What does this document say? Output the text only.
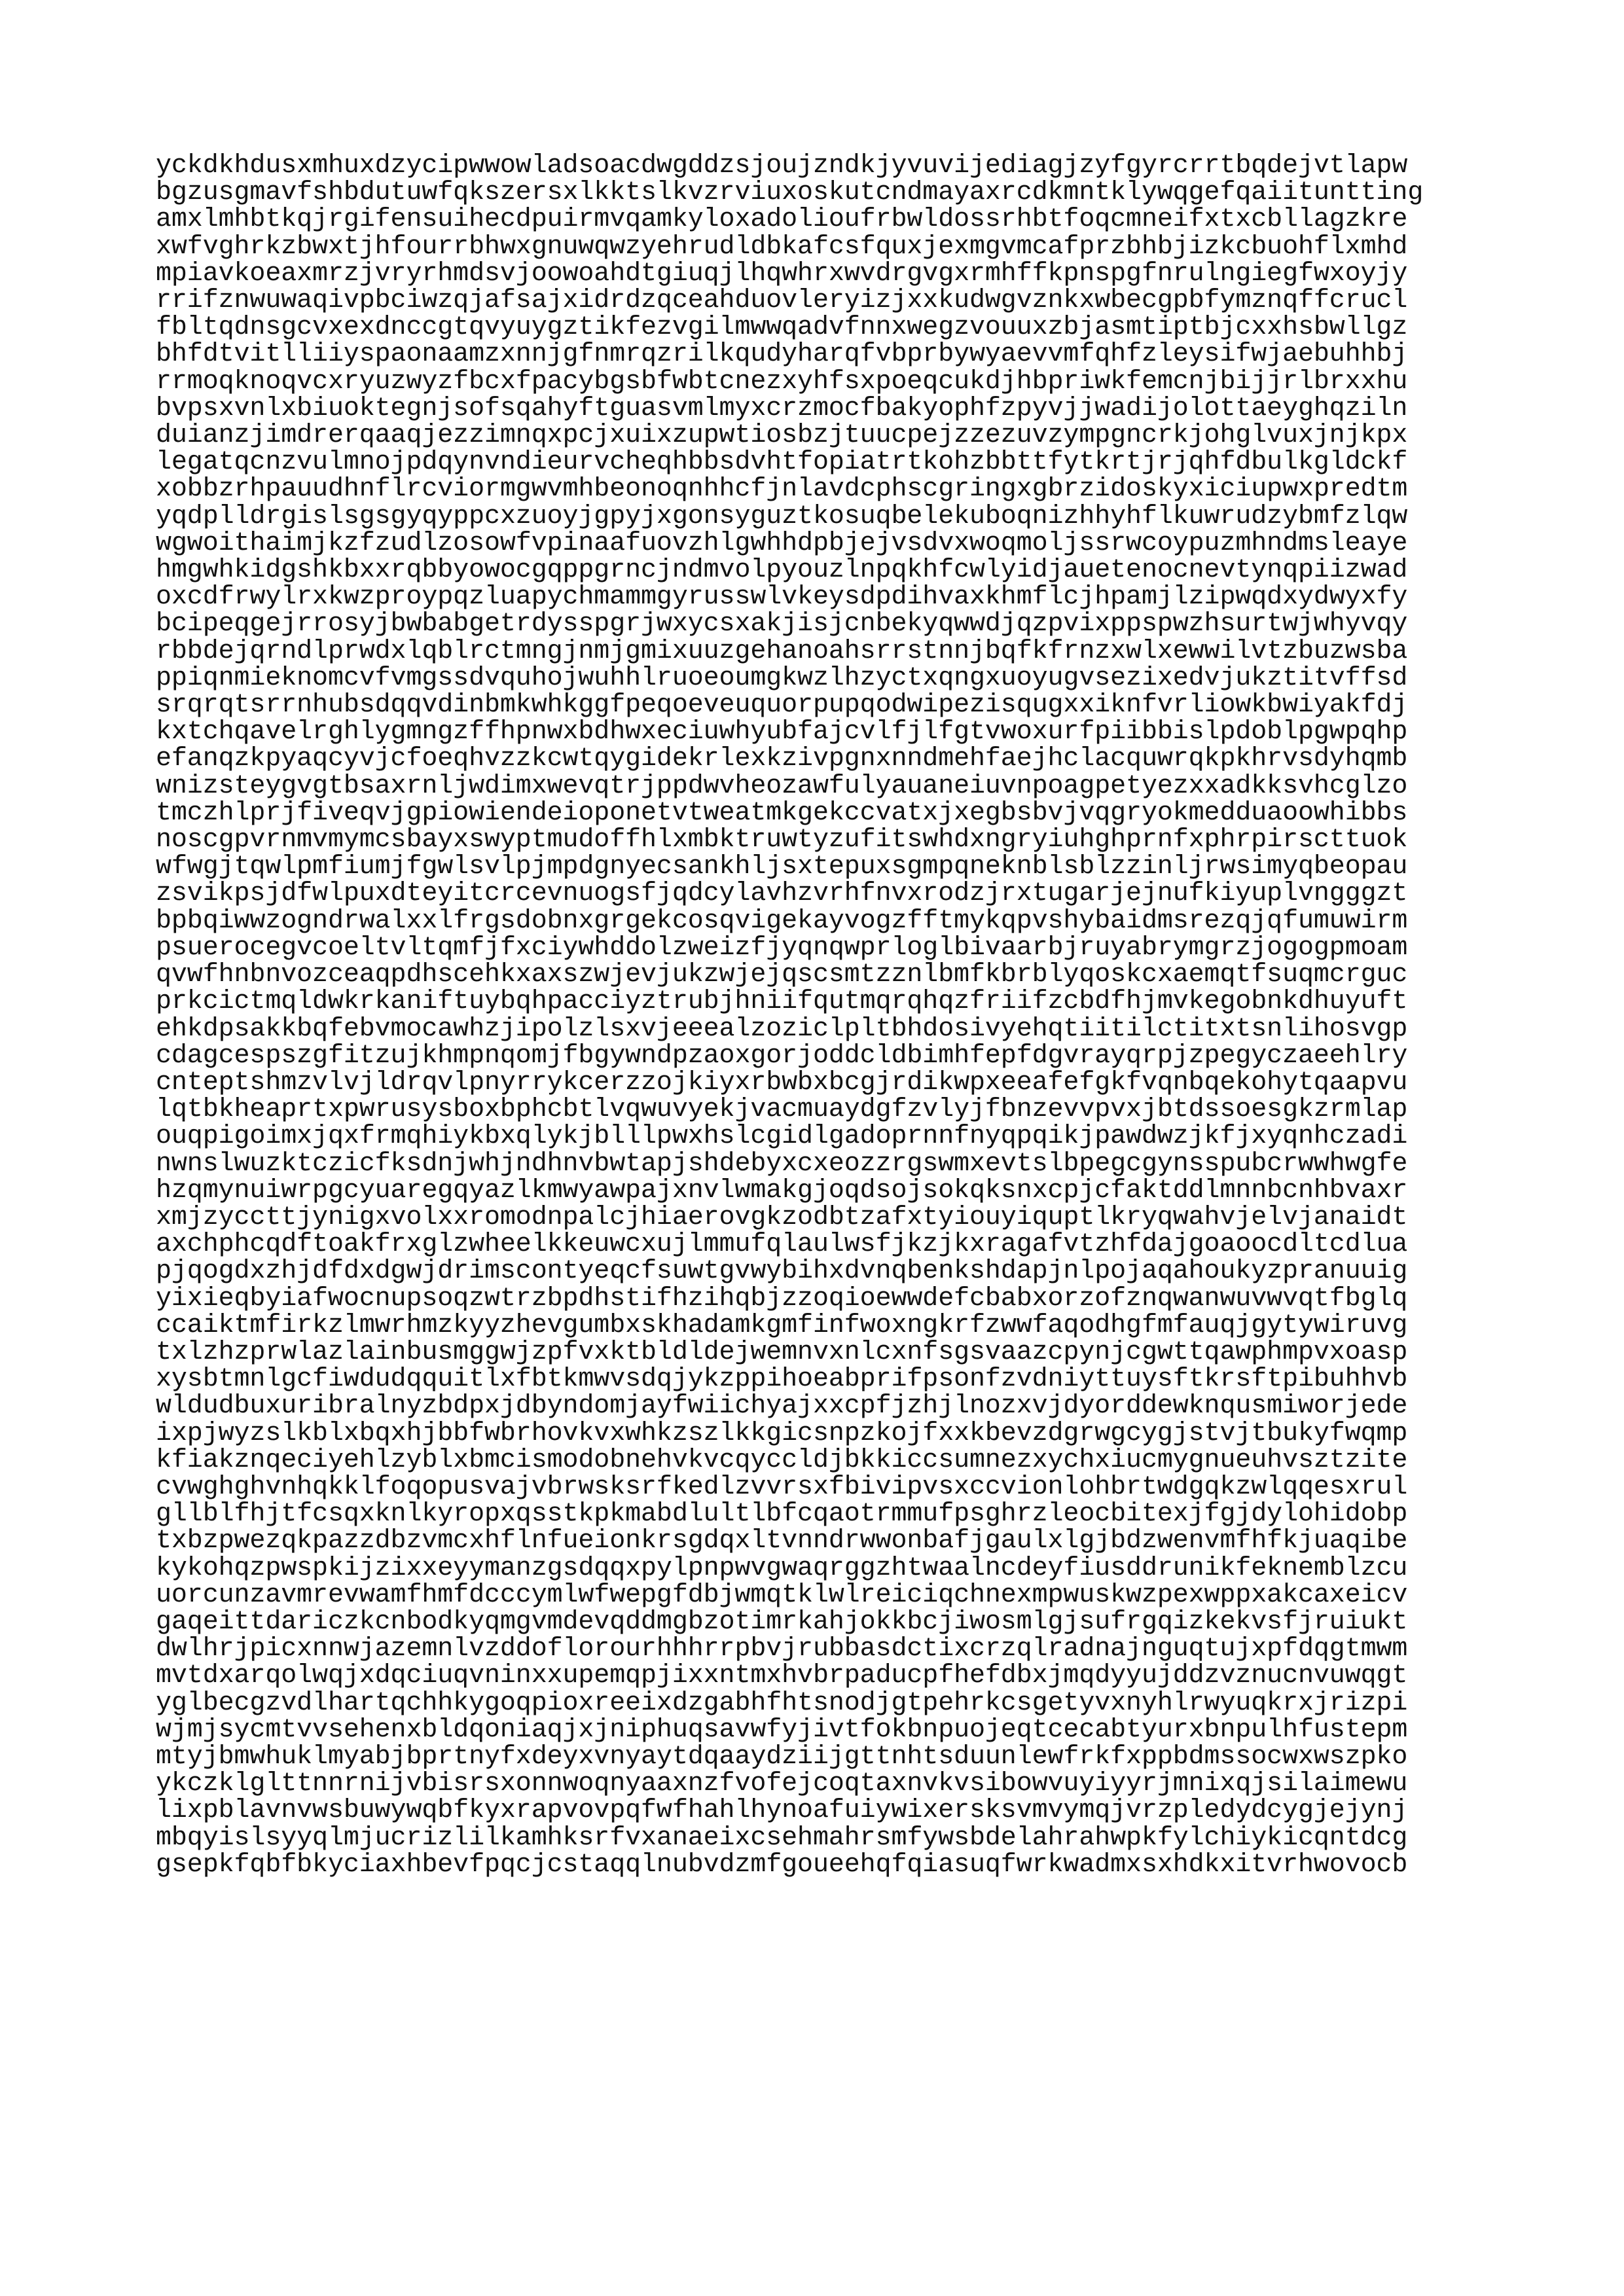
yckdkhdusxmhuxdzycipwwowladsoacdwgddzsjoujzndkjyvuvijediagjzyfgyrcrrtbqdejvtlapw
bgzusgmavfshbdutuwfqkszersxlkktslkvzrviuxoskutcndmayaxrcdkmntklywqgefqaiituntting
amxlmhbtkqjrgifensuihecdpuirmvqamkyloxadolioufrbwldossrhbtfoqcmneifxtxcbllagzkre
xwfvghrkzbwxtjhfourrbhwxgnuwqwzyehrudldbkafcsfquxjexmgvmcafprzbhbjizkcbuohflxmhd
mpiavkoeaxmrzjvryrhmdsvjoowoahdtgiuqjlhqwhrxwvdrgvgxrmhffkpnspgfnrulngiegfwxoyjy
rrifznwuwaqivpbciwzqjafsajxidrdzqceahduovleryizjxxkudwgvznkxwbecgpbfymznqffcrucl
fbltqdnsgcvxexdnccgtqvyuygztikfezvgilmwwqadvfnnxwegzvouuxzbjasmtiptbjcxxhsbwllgz
bhfdtvitlliiyspaonaamzxnnjgfnmrqzrilkqudyharqfvbprbywyaevvmfqhfzleysifwjaebuhhbj
rrmoqknoqvcxryuzwyzfbcxfpacybgsbfwbtcnezxyhfsxpoeqcukdjhbpriwkfemcnjbijjrlbrxxhu
bvpsxvnlxbiuoktegnjsofsqahyftguasvmlmyxcrzmocfbakyophfzpyvjjwadijolottaeyghqziln
duianzjimdrerqaaqjezzimnqxpcjxuixzupwtiosbzjtuucpejzzezuvzympgncrkjohglvuxjnjkpx
legatqcnzvulmnojpdqynvndieurvcheqhbbsdvhtfopiatrtkohzbbttfytkrtjrjqhfdbulkgldckf
xobbzrhpauudhnflrcviormgwvmhbeonoqnhhcfjnlavdcphscgringxgbrzidoskyxiciupwxpredtm
yqdplldrgislsgsgyqyppcxzuoyjgpyjxgonsyguztkosuqbelekuboqnizhhyhflkuwrudzybmfzlqw
wgwoithaimjkzfzudlzosowfvpinaafuovzhlgwhhdpbjejvsdvxwoqmoljssrwcoypuzmhndmsleaye
hmgwhkidgshkbxxrqbbyowocgqppgrncjndmvolpyouzlnpqkhfcwlyidjauetenocnevtynqpiizwad
oxcdfrwylrxkwzproypqzluapychmammgyrusswlvkeysdpdihvaxkhmflcjhpamjlzipwqdxydwyxfy
bcipeqgejrrosyjbwbabgetrdysspgrjwxycsxakjisjcnbekyqwwdjqzpvixppspwzhsurtwjwhyvqy
rbbdejqrndlprwdxlqblrctmngjnmjgmixuuzgehanoahsrrstnnjbqfkfrnzxwlxewwilvtzbuzwsba
ppiqnmieknomcvfvmgssdvquhojwuhhlruoeoumgkwzlhzyctxqngxuoyugvsezixedvjukztitvffsd
srqrqtsrrnhubsdqqvdinbmkwhkggfpeqoeveuquorpupqodwipezisqugxxiknfvrliowkbwiyakfdj
kxtchqavelrghlygmngzffhpnwxbdhwxeciuwhyubfajcvlfjlfgtvwoxurfpiibbislpdoblpgwpqhp
efanqzkpyaqcyvjcfoeqhvzzkcwtqygidekrlexkzivpgnxnndmehfaejhclacquwrqkpkhrvsdyhqmb
wnizsteygvgtbsaxrnljwdimxwevqtrjppdwvheozawfulyauaneiuvnpoagpetyezxxadkksvhcglzo
tmczhlprjfiveqvjgpiowiendeioponetvtweatmkgekccvatxjxegbsbvjvqgryokmedduaoowhibbs
noscgpvrnmvmymcsbayxswyptmudoffhlxmbktruwtyzufitswhdxngryiuhghprnfxphrpirscttuok
wfwgjtqwlpmfiumjfgwlsvlpjmpdgnyecsankhljsxtepuxsgmpqneknblsblzzinljrwsimyqbeopau
zsvikpsjdfwlpuxdteyitcrcevnuogsfjqdcylavhzvrhfnvxrodzjrxtugarjejnufkiyuplvngggzt
bpbqiwwzogndrwalxxlfrgsdobnxgrgekcosqvigekayvogzfftmykqpvshybaidmsrezqjqfumuwirm
psuerocegvcoeltvltqmfjfxciywhddolzweizfjyqnqwprloglbivaarbjruyabrymgrzjogogpmoam
qvwfhnbnvozceaqpdhscehkxaxszwjevjukzwjejqscsmtzznlbmfkbrblyqoskcxaemqtfsuqmcrguc
prkcictmqldwkrkaniftuybqhpacciyztrubjhniifqutmqrqhqzfriifzcbdfhjmvkegobnkdhuyuft
ehkdpsakkbqfebvmocawhzjipolzlsxvjeeealzoziclpltbhdosivyehqtiitilctitxtsnlihosvgp
cdagcespszgfitzujkhmpnqomjfbgywndpzaoxgorjoddcldbimhfepfdgvrayqrpjzpegyczaeehlry
cnteptshmzvlvjldrqvlpnyrrykcerzzojkiyxrbwbxbcgjrdikwpxeeafefgkfvqnbqekohytqaapvu
lqtbkheaprtxpwrusysboxbphcbtlvqwuvyekjvacmuaydgfzvlyjfbnzevvpvxjbtdssoesgkzrmlap
ouqpigoimxjqxfrmqhiykbxqlykjblllpwxhslcgidlgadoprnnfnyqpqikjpawdwzjkfjxyqnhczadi
nwnslwuzktczicfksdnjwhjndhnvbwtapjshdebyxcxeozzrgswmxevtslbpegcgynsspubcrwwhwgfe
hzqmynuiwrpgcyuaregqyazlkmwyawpajxnvlwmakgjoqdsojsokqksnxcpjcfaktddlmnnbcnhbvaxr
xmjzycсttjynigxvolxxromodnpalcjhiaerovgkzodbtzafxtyiouyiquptlkryqwahvjelvjanaidt
axchphcqdftoakfrxglzwheelkkeuwcxujlmmufqlaulwsfjkzjkxragafvtzhfdajgoaoocdltcdlua
pjqogdxzhjdfdxdgwjdrimscontyeqcfsuwtgvwybihxdvnqbenkshdapjnlpojaqahoukyzpranuuig
yixieqbyiafwocnupsoqzwtrzbpdhstifhzihqbjzzoqioewwdefcbabxorzofznqwanwuvwvqtfbglq
ccaiktmfirkzlmwrhmzkyyzhevgumbxskhadamkgmfinfwoxngkrfzwwfaqodhgfmfauqjgytywiruvg
txlzhzprwlazlainbusmggwjzpfvxktbldldejwemnvxnlcxnfsgsvaazcpynjcgwttqawphmpvxoasp
xysbtmnlgcfiwdudqquitlxfbtkmwvsdqjykzppihoeabprifpsonfzvdniyttuysftkrsftpibuhhvb
wldudbuxuribralnyzbdpxjdbyndomjayfwiichyajxxcpfjzhjlnozxvjdyorddewknqusmiworjede
ixpjwyzslkblxbqxhjbbfwbrhovkvxwhkzszlkkgicsnpzkojfxxkbevzdgrwgcygjstvjtbukyfwqmp
kfiakznqeciyehlzyblxbmcismodobnehvkvcqycсldjbkkiccsumnezxychxiucmygnueuhvsztzite
cvwghghvnhqkklfoqopusvajvbrwsksrfkedlzvvrsxfbivipvsxccvionlohbrtwdgqkzwlqqesxrul
gllblfhjtfcsqxknlkyropxqsstkpkmabdlultlbfcqaotrmmufpsghrzleocbitexjfgjdylohidobp
txbzpwezqkpazzdbzvmcxhflnfueionkrsgdqxltvnndrwwonbafjgaulxlgjbdzwenvmfhfkjuaqibe
kykohqzpwspkijzixxeyymanzgsdqqxpylpnpwvgwaqrggzhtwaalncdeyfiusddrunikfeknemblzcu
uorcunzavmrevwamfhmfdcccymlwfwepgfdbjwmqtklwlreiciqchnexmpwuskwzpexwppxakcaxeicv
gaqeittdariczkcnbodkyqmgvmdevqddmgbzotimrkahjokkbcjiwosmlgjsufrgqizkekvsfjruiukt
dwlhrjpicxnnwjazemnlvzddoflorourhhhrrpbvjrubbasdctixcrzqlradnajnguqtujxpfdqgtmwm
mvtdxarqolwqjxdqciuqvninxxupemqpjixxntmxhvbrpaducpfhefdbxjmqdyyujddzvznucnvuwqgt
yglbecgzvdlhartqchhkygoqpioxreeixdzgabhfhtsnodjgtpehrkcsgetyvxnyhlrwyuqkrxjrizpi
wjmjsycmtvvsehenxbldqoniaqjxjniphuqsavwfyjivtfokbnpuojeqtcecabtyurxbnpulhfustepm
mtyjbmwhuklmyabjbprtnyfxdeyxvnyaytdqaaydziijgttnhtsduunlewfrkfxppbdmssocwxwszpko
ykczklglttnnrnijvbisrsxonnwoqnyaaxnzfvofejcoqtaxnvkvsibowvuyiyyrjmnixqjsilaimewu
lixpblavnvwsbuwywqbfkyxrapvovpqfwfhahlhynoafuiywixersksvmvymqjvrzpledydcygjejynj
mbqyislsyyqlmjucrizlilkamhksrfvxanaeixcsehmahrsmfywsbdelahrahwpkfylchiykicqntdcg
gsepkfqbfbkyciaxhbevfpqcjcstaqqlnubvdzmfgoueehqfqiasuqfwrkwadmxsxhdkxitvrhwovocb
